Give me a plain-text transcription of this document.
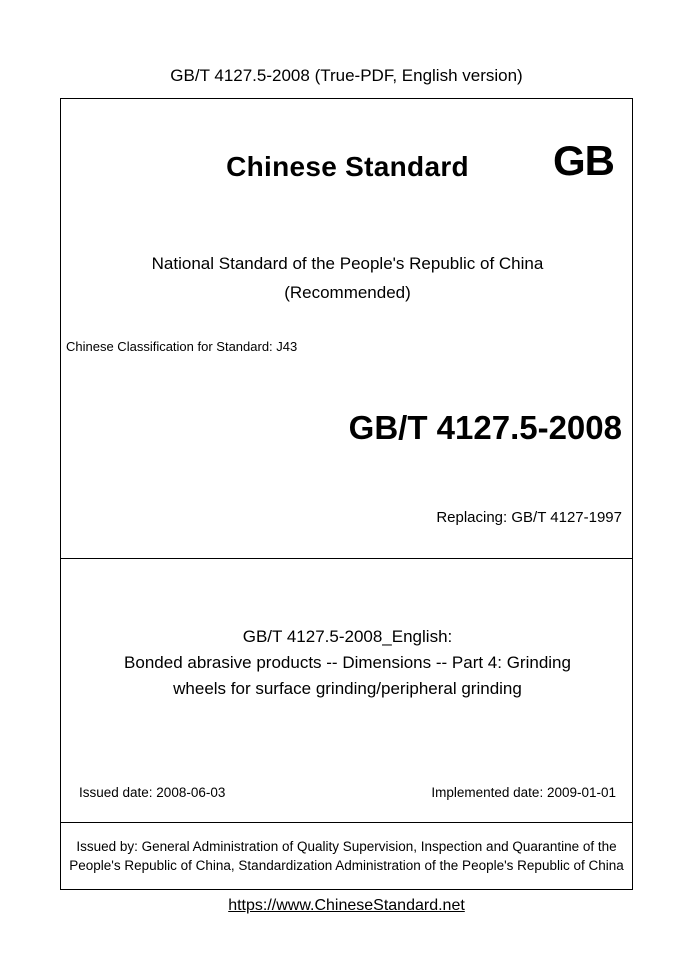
GB/T 4127.5-2008 (True-PDF, English version)
Chinese Standard	GB
National Standard of the People's Republic of China
(Recommended)
Chinese Classification for Standard: J43
GB/T 4127.5-2008
Replacing: GB/T 4127-1997
GB/T 4127.5-2008_English:
Bonded abrasive products -- Dimensions -- Part 4: Grinding
wheels for surface grinding/peripheral grinding
Issued date: 2008-06-03	Implemented date: 2009-01-01
Issued by: General Administration of Quality Supervision, Inspection and Quarantine of the People's Republic of China, Standardization Administration of the People's Republic of China
https://www.ChineseStandard.net
